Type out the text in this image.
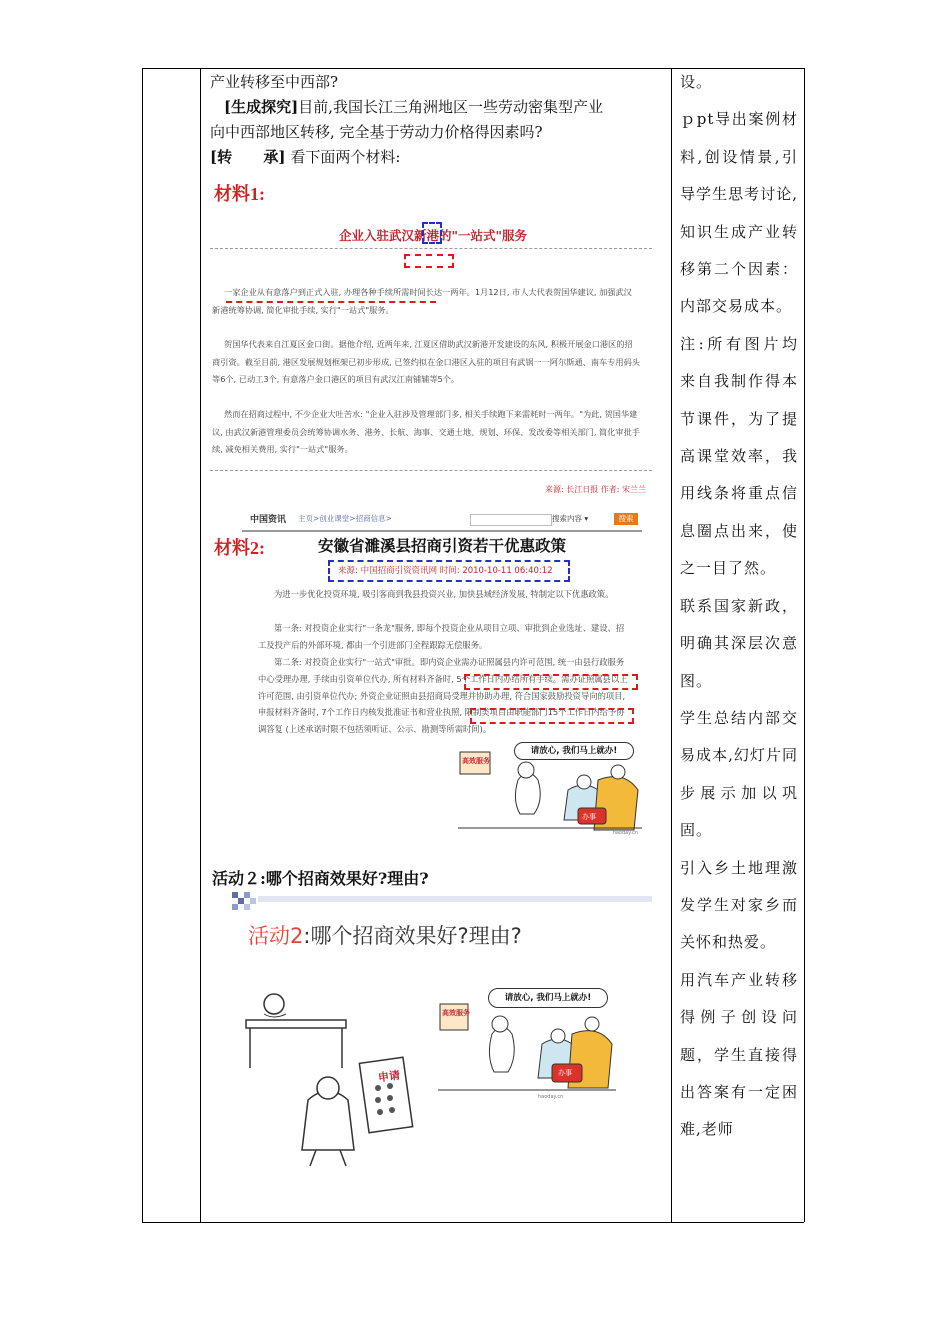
产业转移至中西部?

[生成探究]目前,我国长江三角洲地区一些劳动密集型产业

向中西部地区转移, 完全基于劳动力价格得因素吗?

[转      承] 看下面两个材料:

材料1:
企业入驻武汉新港的"一站式"服务

一家企业从有意落户到正式入驻, 办理各种手续所需时间长达一两年。1月12日, 市人大代表贺国华建议, 加强武汉新港统筹协调, 简化审批手续, 实行"一站式"服务。

贺国华代表来自江夏区金口街。据他介绍, 近两年来, 江夏区借助武汉新港开发建设的东风, 积极开展金口港区的招商引资。截至目前, 港区发展规划框架已初步形成, 已签约拟在金口港区入驻的项目有武锅一一阿尔斯通、南车专用码头等6个, 已动工3个, 有意落户金口港区的项目有武汉江南铺辅等5个。

然而在招商过程中, 不少企业大吐苦水: "企业入驻涉及管理部门多, 相关手续跑下来需耗时一两年。"为此, 贺国华建议, 由武汉新港管理委员会统筹协调水务、港务、长航、海事、交通土地、规划、环保、发改委等相关部门, 简化审批手续, 减免相关费用, 实行"一站式"服务。

来源: 长江日报 作者: 宋兰兰
材料2:
中国资讯 主页>创业课堂>招商信息>	搜索内容 ▾	搜索
安徽省濉溪县招商引资若干优惠政策
来源: 中国招商引资资讯网 时间: 2010-10-11 06:40:12

为进一步优化投资环境, 吸引客商到我县投资兴业, 加快县域经济发展, 特制定以下优惠政策。

第一条: 对投资企业实行"一条龙"服务, 即每个投资企业从项目立项、审批到企业选址、建设、招工及投产后的外部环境, 都由一个引进部门全程跟踪无偿服务。

第二条: 对投资企业实行"一站式"审批。即内资企业需办证照属县内许可范围, 统一由县行政服务中心受理办理, 手续由引资单位代办, 所有材料齐备时, 5个工作日内办结所有手续。需办证照属县以上许可范围, 由引资单位代办; 外资企业证照由县招商局受理并协助办理, 符合国家鼓励投资导向的项目, 申报材料齐备时, 7个工作日内核发批准证书和营业执照, 限制类项目由职能部门15个工作日内给予协调答复 (上述承诺时限不包括须听证、公示、勘测等所需时间)。

请放心, 我们马上就办!
高效服务
办事
haoday.cn
活动２:哪个招商效果好?理由?
活动2:哪个招商效果好?理由?
申请
请放心, 我们马上就办!
高效服务
办事
haoday.cn

设。

ｐpt导出案例材料,创设情景,引导学生思考讨论,知识生成产业转移第二个因素：内部交易成本。

注:所有图片均来自我制作得本节课件，为了提高课堂效率，我用线条将重点信息圈点出来，使之一目了然。

联系国家新政，明确其深层次意图。

学生总结内部交易成本,幻灯片同步展示加以巩固。

引入乡土地理激发学生对家乡而关怀和热爱。

用汽车产业转移得例子创设问题，学生直接得出答案有一定困难,老师
